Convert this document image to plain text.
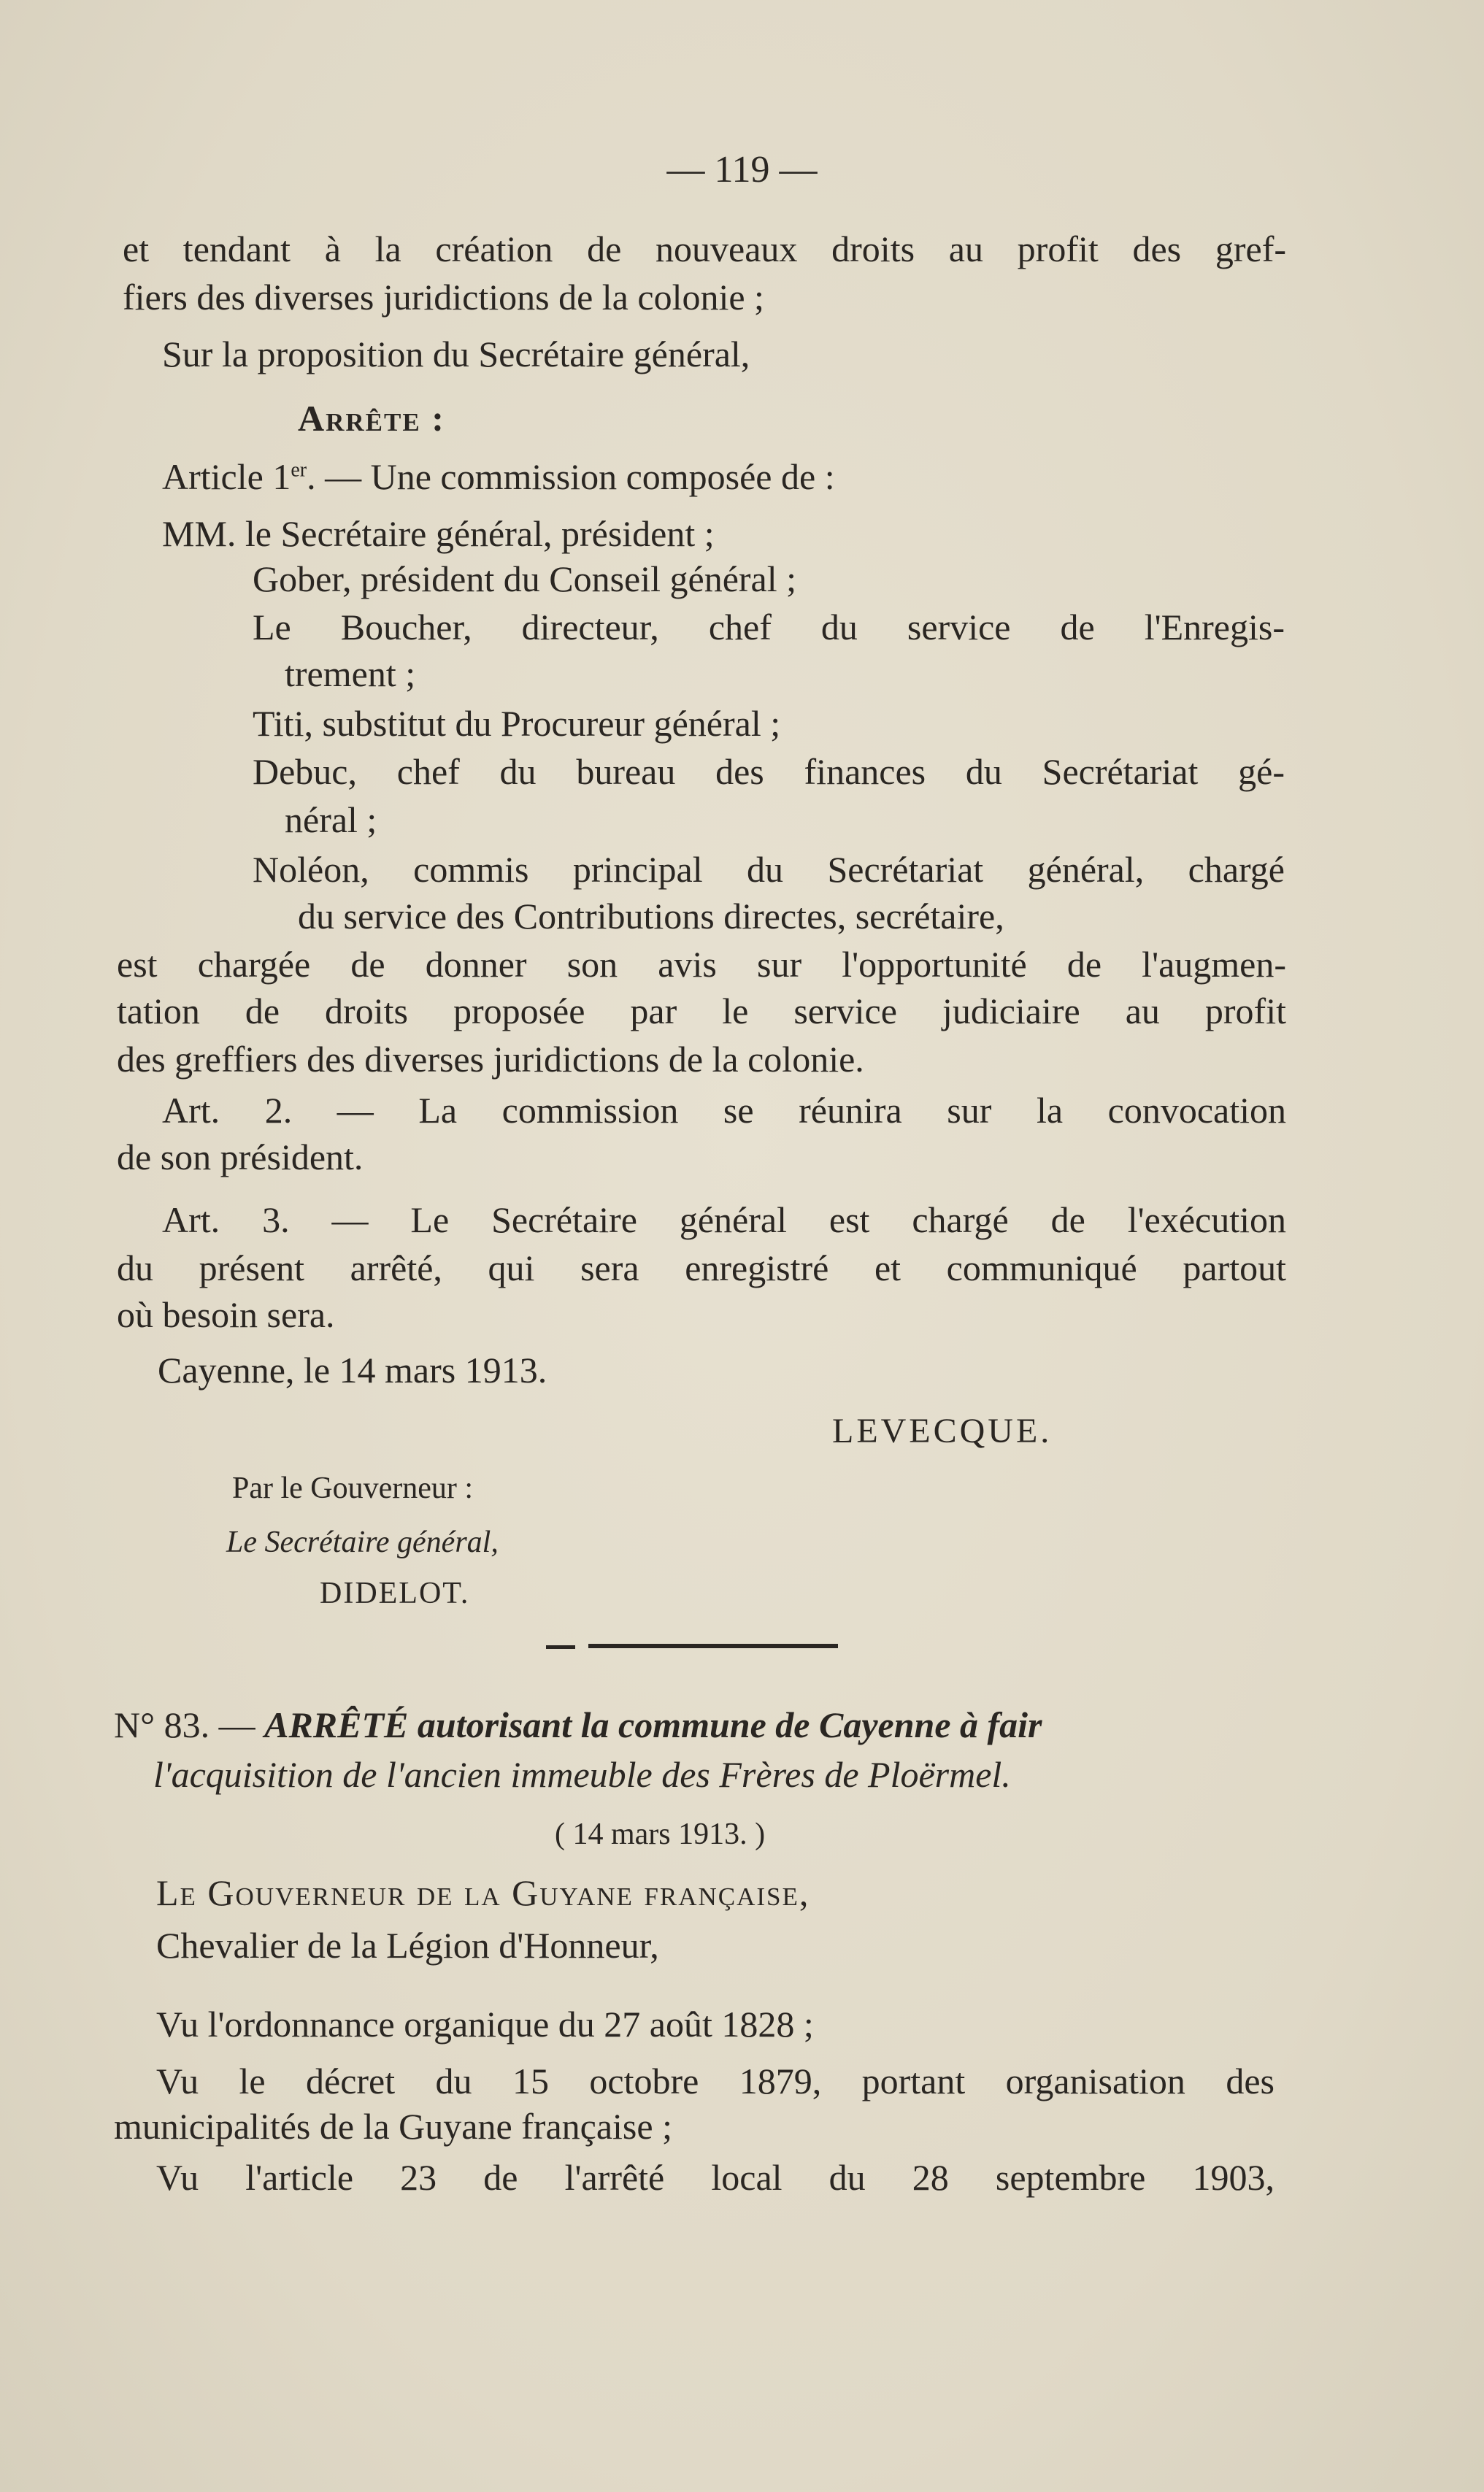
— 119 —
et tendant à la création de nouveaux droits au profit des gref-
fiers des diverses juridictions de la colonie ;
Sur la proposition du Secrétaire général,
Arrête :
Article 1er. — Une commission composée de :
MM. le Secrétaire général, président ;
Gober, président du Conseil général ;
Le Boucher, directeur, chef du service de l'Enregis-
trement ;
Titi, substitut du Procureur général ;
Debuc, chef du bureau des finances du Secrétariat gé-
néral ;
Noléon, commis principal du Secrétariat général, chargé
du service des Contributions directes, secrétaire,
est chargée de donner son avis sur l'opportunité de l'augmen-
tation de droits proposée par le service judiciaire au profit
des greffiers des diverses juridictions de la colonie.
Art. 2. — La commission se réunira sur la convocation
de son président.
Art. 3. — Le Secrétaire général est chargé de l'exécution
du présent arrêté, qui sera enregistré et communiqué partout
où besoin sera.
Cayenne, le 14 mars 1913.
LEVECQUE.
Par le Gouverneur :
Le Secrétaire général,
DIDELOT.
N° 83. — ARRÊTÉ autorisant la commune de Cayenne à fair
l'acquisition de l'ancien immeuble des Frères de Ploërmel.
( 14 mars 1913. )
Le Gouverneur de la Guyane française,
Chevalier de la Légion d'Honneur,
Vu l'ordonnance organique du 27 août 1828 ;
Vu le décret du 15 octobre 1879, portant organisation des
municipalités de la Guyane française ;
Vu l'article 23 de l'arrêté local du 28 septembre 1903,
